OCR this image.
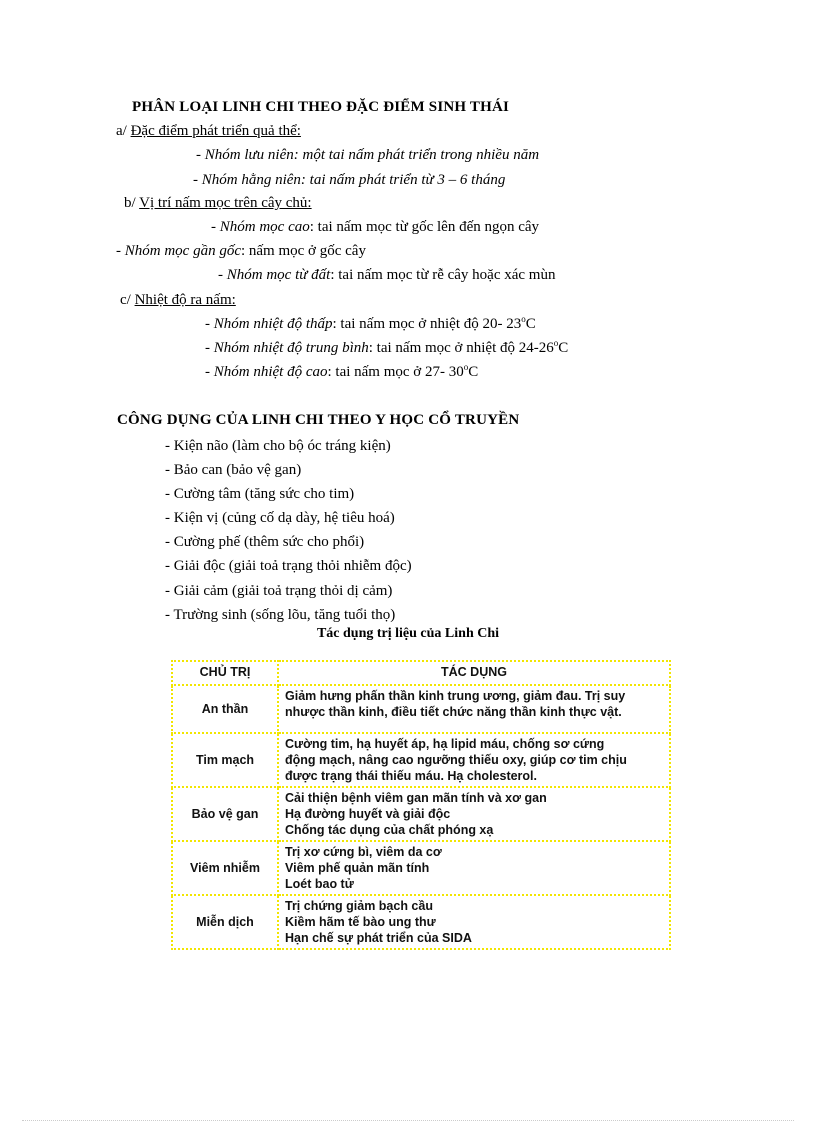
PHÂN LOẠI LINH CHI THEO ĐẶC ĐIỂM SINH THÁI
a/ Đặc điểm phát triển quả thể:
- Nhóm lưu niên: một tai nấm phát triển trong nhiều năm
- Nhóm hằng niên: tai nấm phát triển từ 3 – 6 tháng
b/ Vị trí nấm mọc trên cây chủ:
- Nhóm mọc cao: tai nấm mọc từ gốc lên đến ngọn cây
- Nhóm mọc gần gốc: nấm mọc ở gốc cây
- Nhóm mọc từ đất: tai nấm mọc từ rễ cây hoặc xác mùn
c/ Nhiệt độ ra nấm:
- Nhóm nhiệt độ thấp: tai nấm mọc ở nhiệt độ 20- 23$^o$C
- Nhóm nhiệt độ trung bình: tai nấm mọc ở nhiệt độ 24-26$^o$C
- Nhóm nhiệt độ cao: tai nấm mọc ở 27- 30$^o$C
CÔNG DỤNG CỦA LINH CHI THEO Y HỌC CỔ TRUYỀN
- Kiện não (làm cho bộ óc tráng kiện)
- Bảo can (bảo vệ gan)
- Cường tâm (tăng sức cho tim)
- Kiện vị (củng cố dạ dày, hệ tiêu hoá)
- Cường phế (thêm sức cho phổi)
- Giải độc (giải toả trạng thỏi nhiễm độc)
- Giải cảm (giải toả trạng thỏi dị cảm)
- Trường sinh (sống lõu, tăng tuổi thọ)
Tác dụng trị liệu của Linh Chi
CHỦ TRỊ	TÁC DỤNG
An thần	Giảm hưng phấn thần kinh trung ương, giảm đau. Trị suy
nhược thần kinh, điều tiết chức năng thần kinh thực vật.

Tim mạch	Cường tim, hạ huyết áp, hạ lipid máu, chống sơ cứng
động mạch, nâng cao ngưỡng thiếu oxy, giúp cơ tim chịu
được trạng thái thiếu máu. Hạ cholesterol.

Bảo vệ gan	Cải thiện bệnh viêm gan mãn tính và xơ gan
Hạ đường huyết và giải độc
Chống tác dụng của chất phóng xạ

Viêm nhiễm	Trị xơ cứng bì, viêm da cơ
Viêm phế quản mãn tính
Loét bao tử

Miễn dịch	Trị chứng giảm bạch cầu
Kiềm hãm tế bào ung thư
Hạn chế sự phát triển của SIDA
